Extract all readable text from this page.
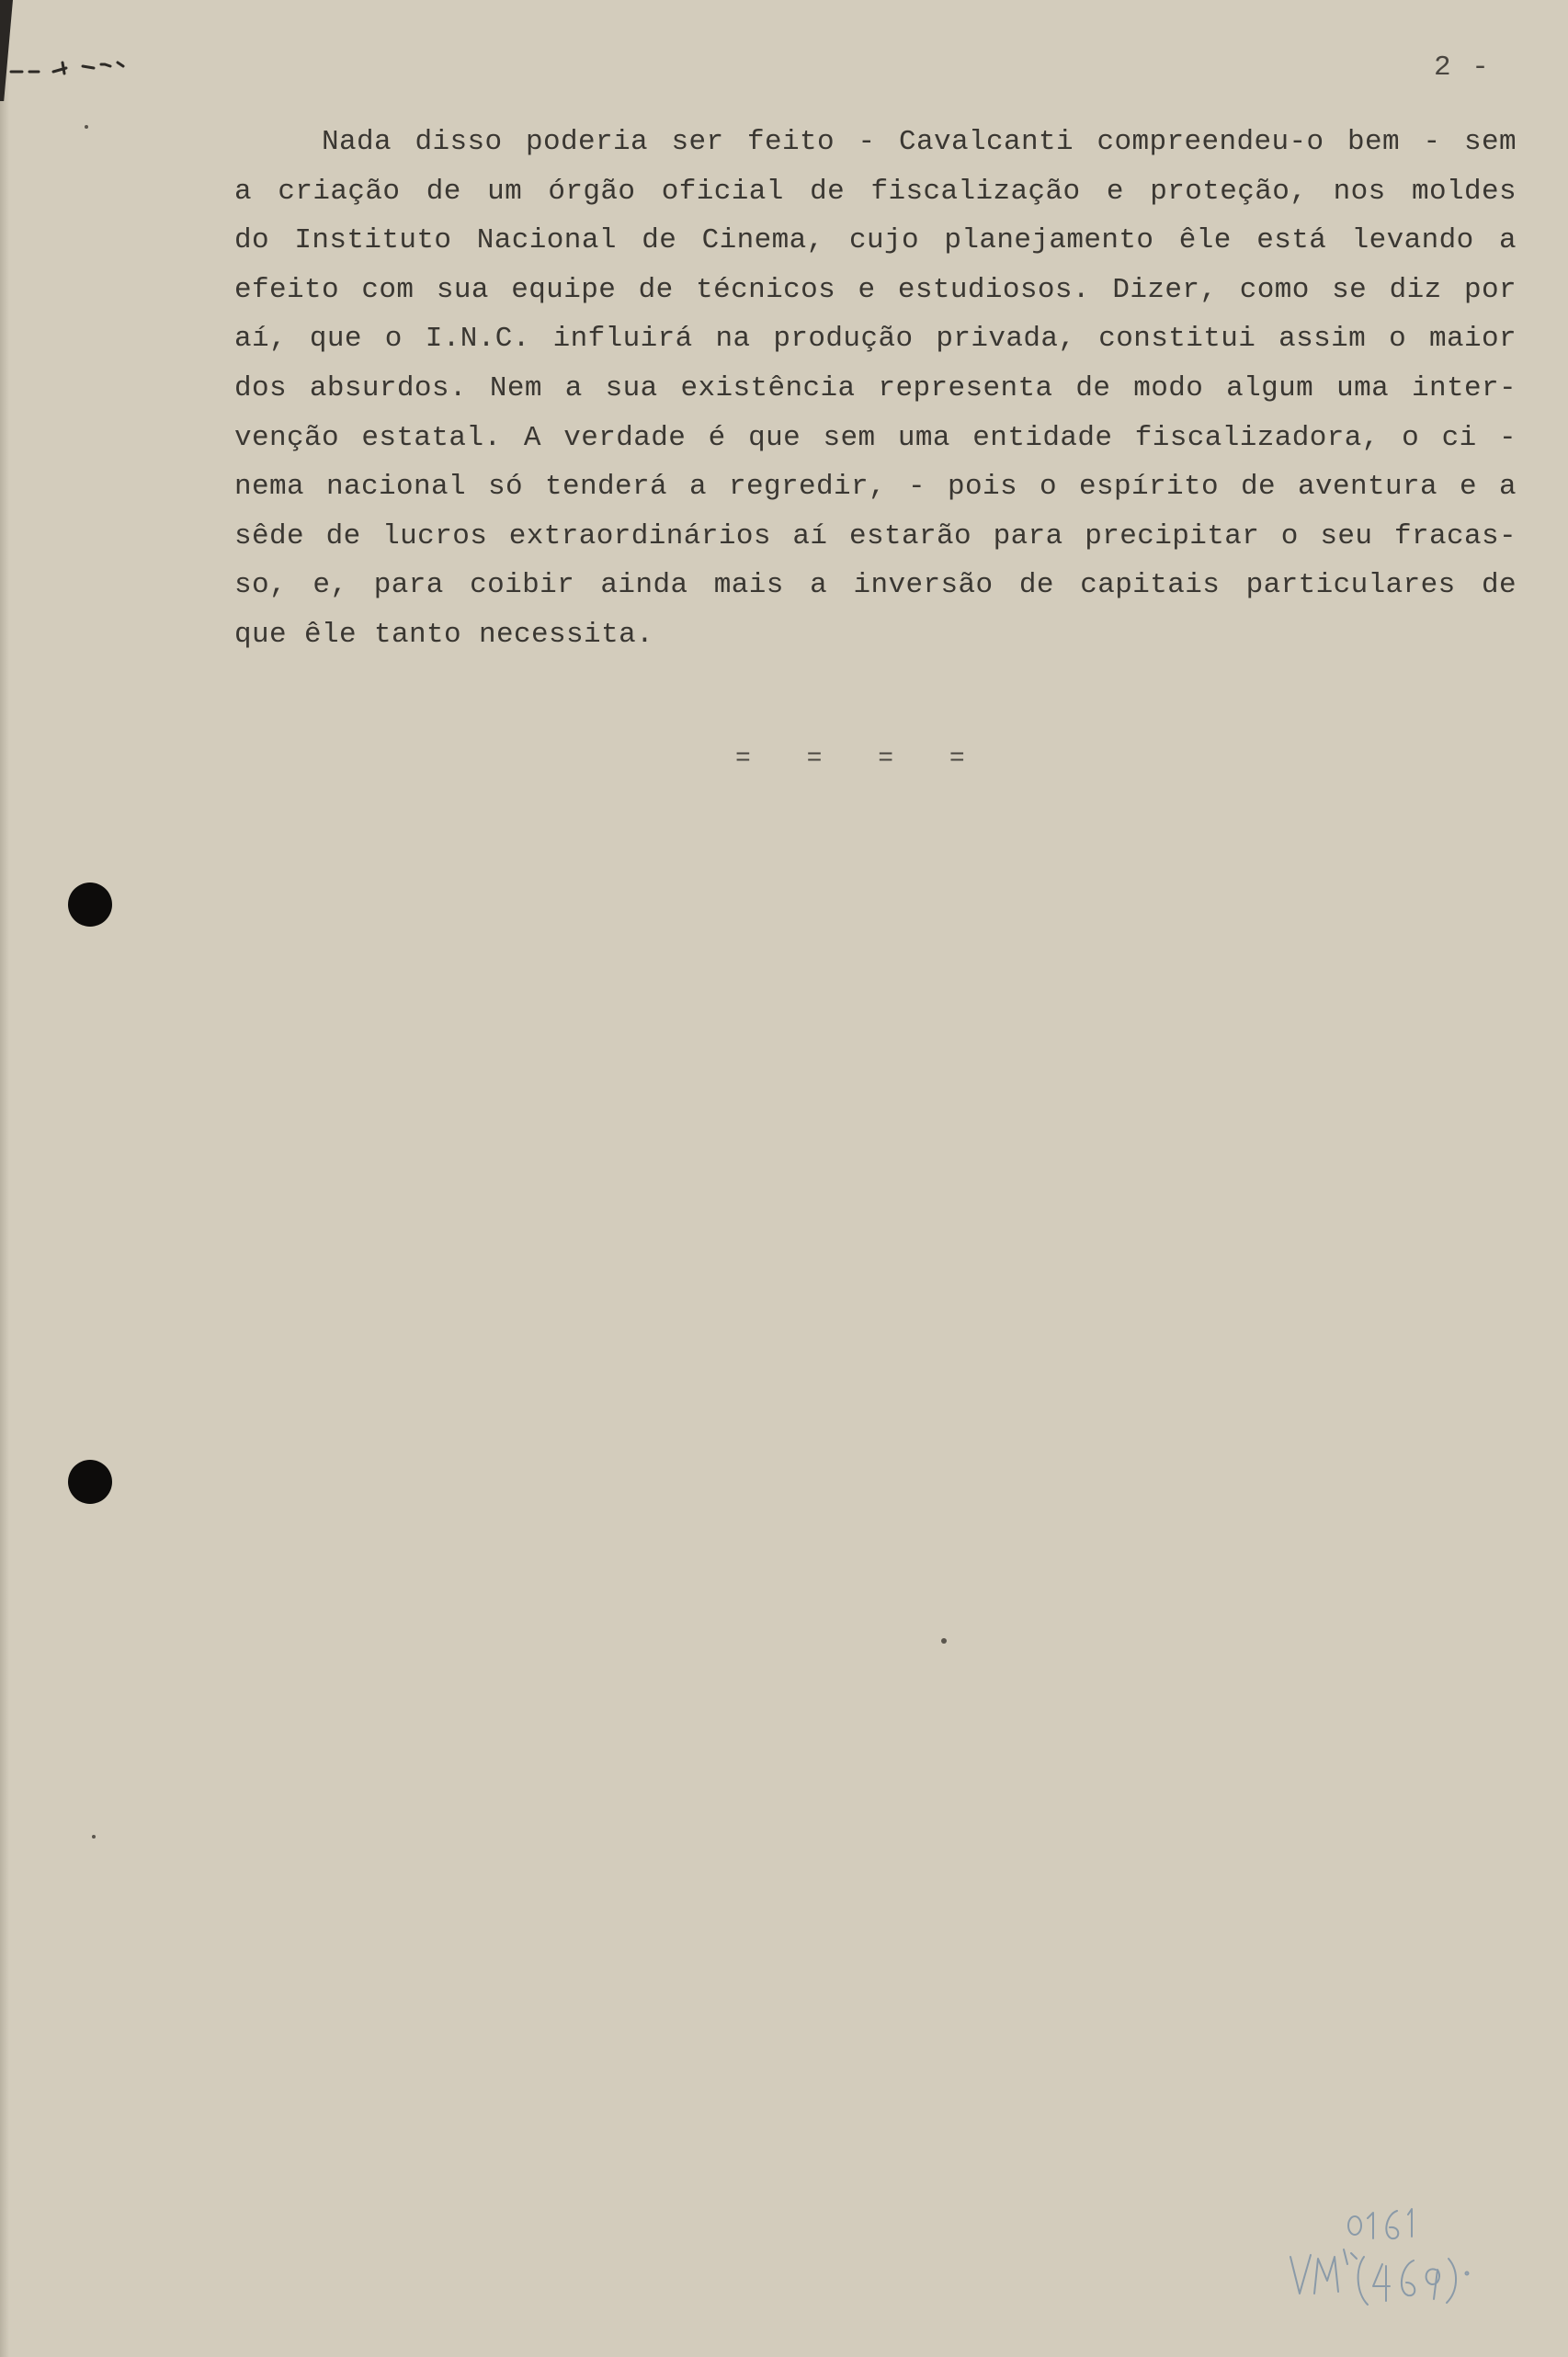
2 -
Nada disso poderia ser feito - Cavalcanti compreendeu-o bem - sem
a criação de um órgão oficial de fiscalização e proteção, nos moldes
do Instituto Nacional de Cinema, cujo planejamento êle está levando a
efeito com sua equipe de técnicos e estudiosos. Dizer, como se diz por
aí, que o I.N.C. influirá na produção privada, constitui assim o maior
dos absurdos. Nem a sua existência representa de modo algum uma inter-
venção estatal. A verdade é que sem uma entidade fiscalizadora, o ci -
nema nacional só tenderá a regredir, - pois o espírito de aventura e a
sêde de lucros extraordinários aí estarão para precipitar o seu fracas-
so, e, para coibir ainda mais a inversão de capitais particulares de
que êle tanto necessita.
= = = =
